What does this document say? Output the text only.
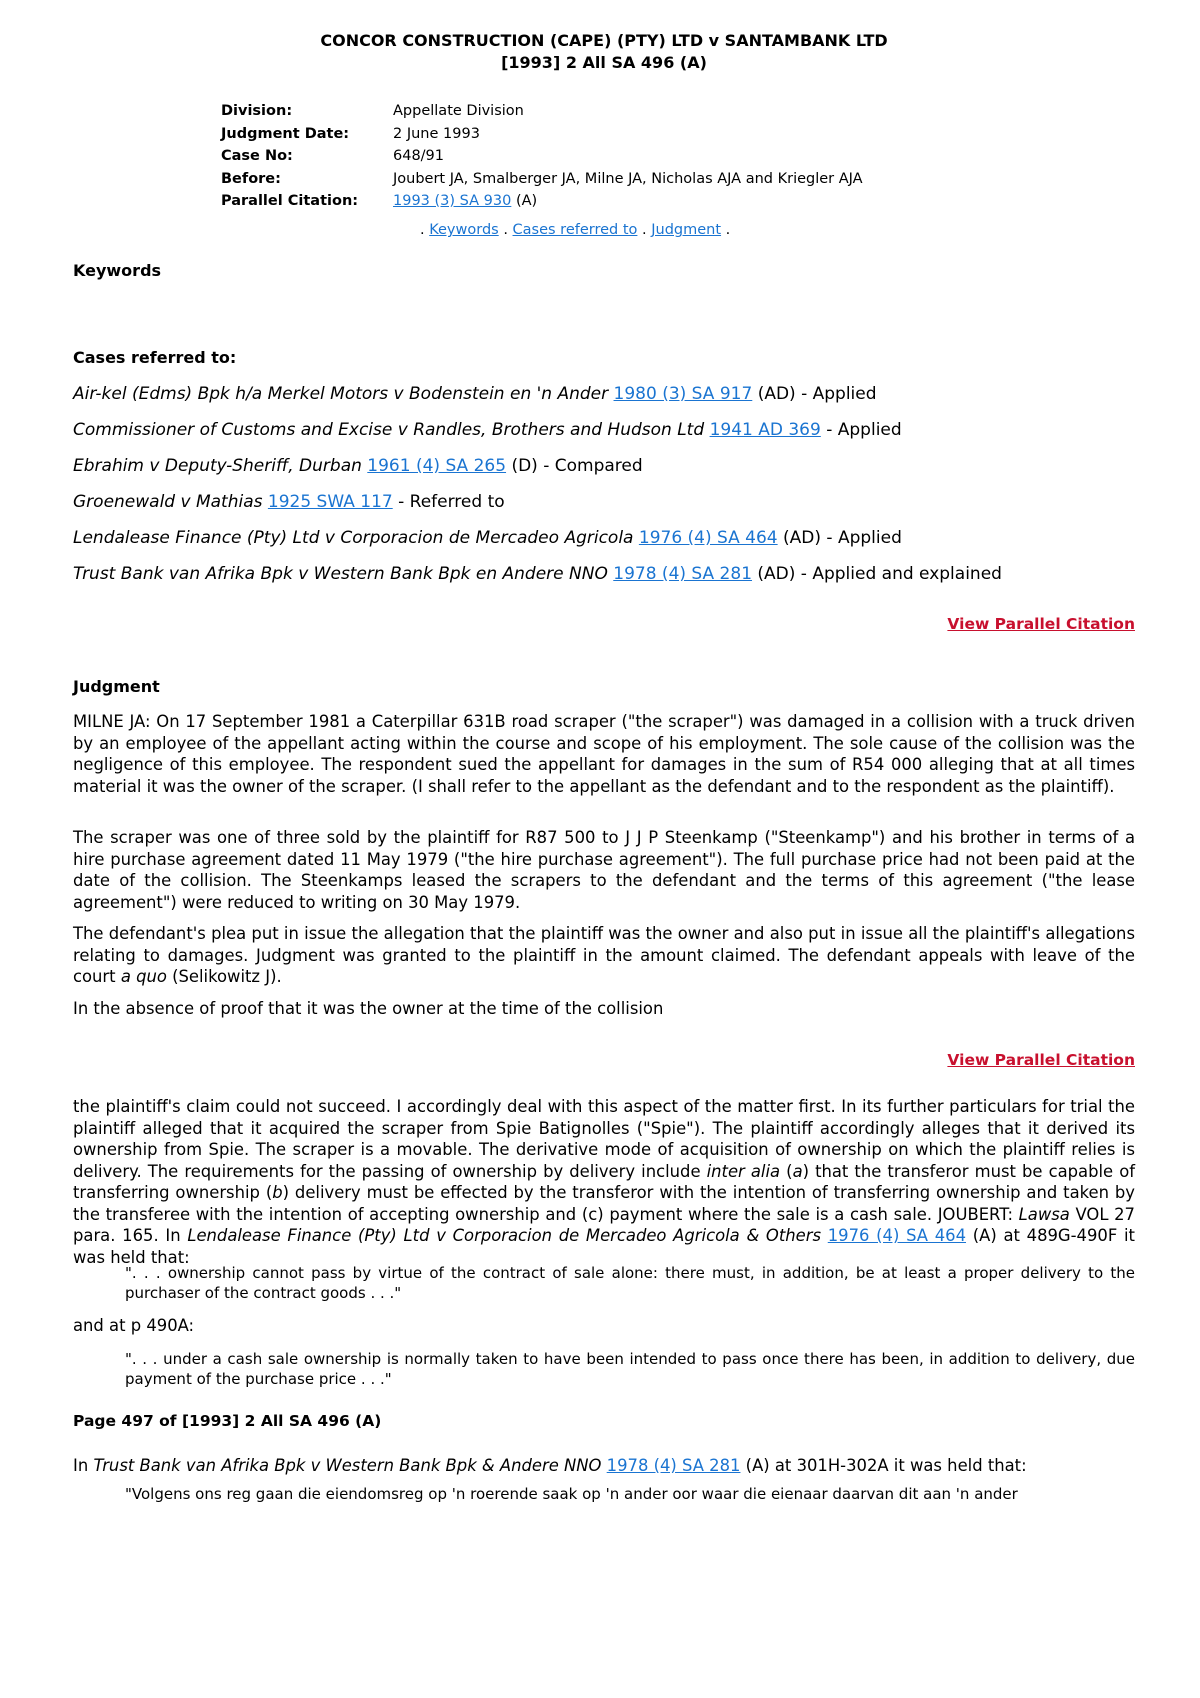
CONCOR CONSTRUCTION (CAPE) (PTY) LTD v SANTAMBANK LTD
[1993] 2 All SA 496 (A)
Division:	Appellate Division
Judgment Date:	2 June 1993
Case No:	648/91
Before:	Joubert JA, Smalberger JA, Milne JA, Nicholas AJA and Kriegler AJA
Parallel Citation:	1993 (3) SA 930 (A)
. Keywords . Cases referred to . Judgment .
Keywords
Cases referred to:
Air-kel (Edms) Bpk h/a Merkel Motors v Bodenstein en 'n Ander 1980 (3) SA 917 (AD) - Applied
Commissioner of Customs and Excise v Randles, Brothers and Hudson Ltd 1941 AD 369 - Applied
Ebrahim v Deputy-Sheriff, Durban 1961 (4) SA 265 (D) - Compared
Groenewald v Mathias 1925 SWA 117 - Referred to
Lendalease Finance (Pty) Ltd v Corporacion de Mercadeo Agricola 1976 (4) SA 464 (AD) - Applied
Trust Bank van Afrika Bpk v Western Bank Bpk en Andere NNO 1978 (4) SA 281 (AD) - Applied and explained
View Parallel Citation
Judgment
MILNE JA: On 17 September 1981 a Caterpillar 631B road scraper ("the scraper") was damaged in a collision with a truck driven by an employee of the appellant acting within the course and scope of his employment. The sole cause of the collision was the negligence of this employee. The respondent sued the appellant for damages in the sum of R54 000 alleging that at all times material it was the owner of the scraper. (I shall refer to the appellant as the defendant and to the respondent as the plaintiff).
The scraper was one of three sold by the plaintiff for R87 500 to J J P Steenkamp ("Steenkamp") and his brother in terms of a hire purchase agreement dated 11 May 1979 ("the hire purchase agreement"). The full purchase price had not been paid at the date of the collision. The Steenkamps leased the scrapers to the defendant and the terms of this agreement ("the lease agreement") were reduced to writing on 30 May 1979.
The defendant's plea put in issue the allegation that the plaintiff was the owner and also put in issue all the plaintiff's allegations relating to damages. Judgment was granted to the plaintiff in the amount claimed. The defendant appeals with leave of the court a quo (Selikowitz J).
In the absence of proof that it was the owner at the time of the collision
View Parallel Citation
the plaintiff's claim could not succeed. I accordingly deal with this aspect of the matter first. In its further particulars for trial the plaintiff alleged that it acquired the scraper from Spie Batignolles ("Spie"). The plaintiff accordingly alleges that it derived its ownership from Spie. The scraper is a movable. The derivative mode of acquisition of ownership on which the plaintiff relies is delivery. The requirements for the passing of ownership by delivery include inter alia (a) that the transferor must be capable of transferring ownership (b) delivery must be effected by the transferor with the intention of transferring ownership and taken by the transferee with the intention of accepting ownership and (c) payment where the sale is a cash sale. JOUBERT: Lawsa VOL 27 para. 165. In Lendalease Finance (Pty) Ltd v Corporacion de Mercadeo Agricola & Others 1976 (4) SA 464 (A) at 489G-490F it was held that:
". . . ownership cannot pass by virtue of the contract of sale alone: there must, in addition, be at least a proper delivery to the purchaser of the contract goods . . ."
and at p 490A:
". . . under a cash sale ownership is normally taken to have been intended to pass once there has been, in addition to delivery, due payment of the purchase price . . ."
Page 497 of [1993] 2 All SA 496 (A)
In Trust Bank van Afrika Bpk v Western Bank Bpk & Andere NNO 1978 (4) SA 281 (A) at 301H-302A it was held that:
"Volgens ons reg gaan die eiendomsreg op 'n roerende saak op 'n ander oor waar die eienaar daarvan dit aan 'n ander
